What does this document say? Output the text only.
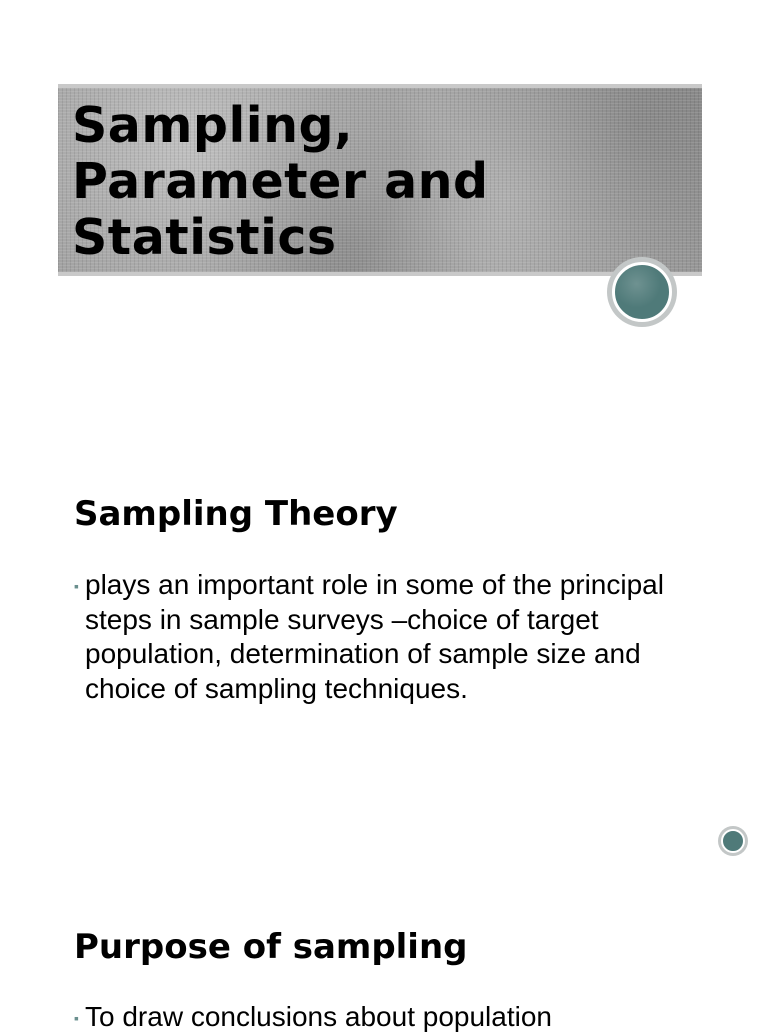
Sampling,
Parameter and
Statistics
Sampling Theory
▪ plays an important role in some of the principal steps in sample surveys –choice of target population, determination of sample size and choice of sampling techniques.
Purpose of sampling
▪ To draw conclusions about population
